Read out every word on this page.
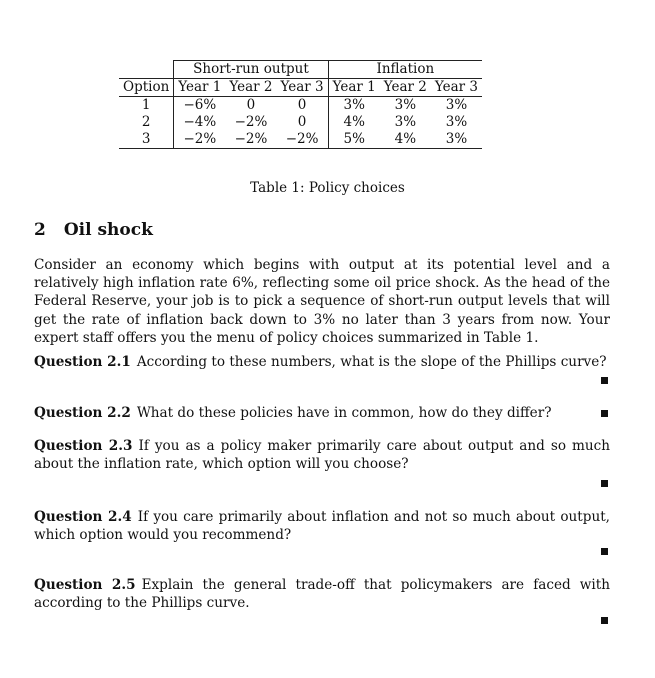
	Short-run output			Inflation		
Option	Year 1	Year 2	Year 3	Year 1	Year 2	Year 3
1	−6%	0	0	3%	3%	3%
2	−4%	−2%	0	4%	3%	3%
3	−2%	−2%	−2%	5%	4%	3%
Table 1: Policy choices
2 Oil shock
Consider an economy which begins with output at its potential level and a relatively high inflation rate 6%, reflecting some oil price shock. As the head of the Federal Reserve, your job is to pick a sequence of short-run output levels that will get the rate of inflation back down to 3% no later than 3 years from now. Your expert staff offers you the menu of policy choices summarized in Table 1.
Question 2.1 According to these numbers, what is the slope of the Phillips curve?
Question 2.2 What do these policies have in common, how do they differ?
Question 2.3 If you as a policy maker primarily care about output and so much about the inflation rate, which option will you choose?
Question 2.4 If you care primarily about inflation and not so much about output, which option would you recommend?
Question 2.5 Explain the general trade-off that policymakers are faced with according to the Phillips curve.
